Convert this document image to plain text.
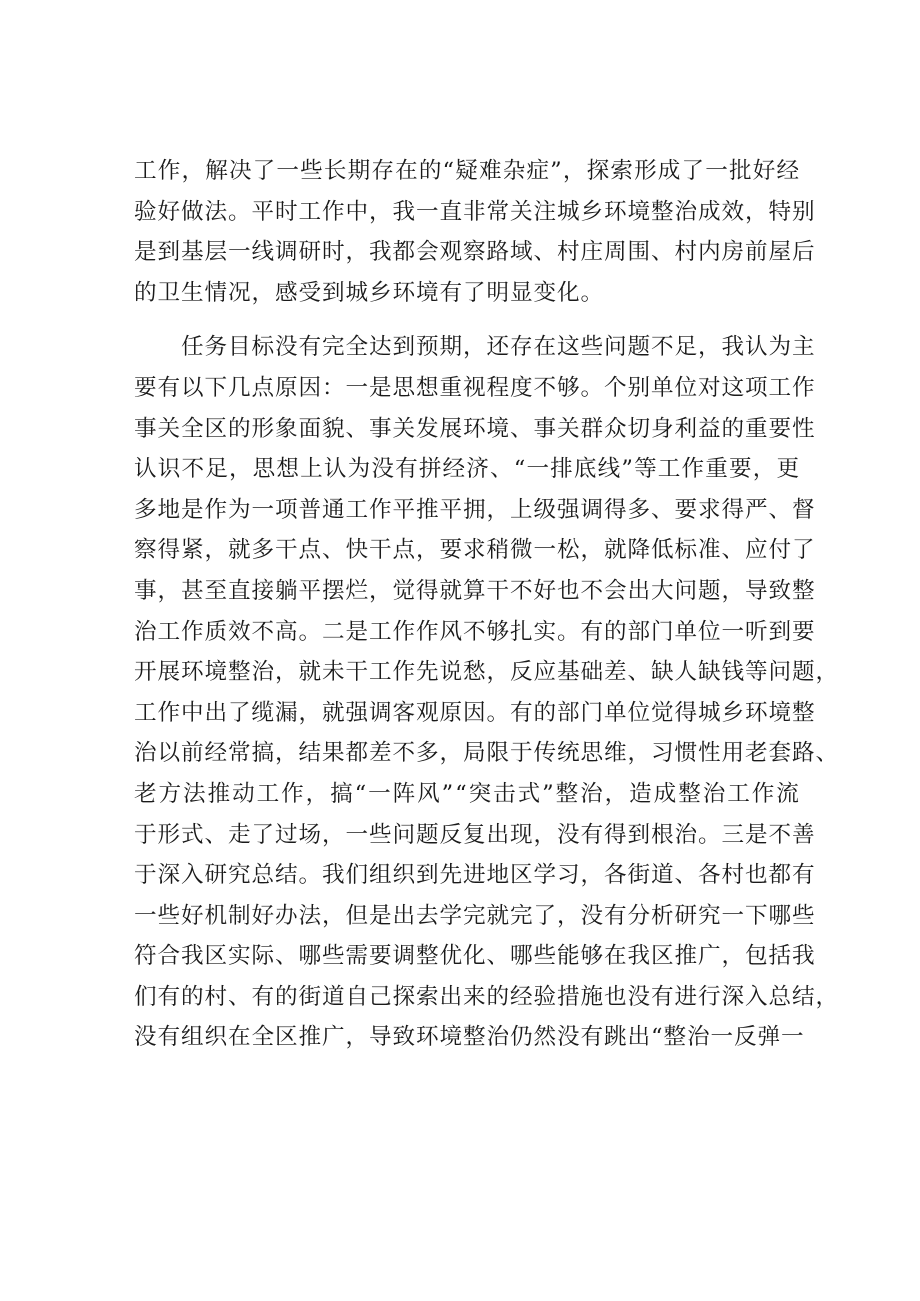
工 作 ， 解 决 了 一 些 长 期 存 在 的 “ 疑 难 杂 症 ” ， 探 索 形 成 了 一 批 好 经
验 好 做 法 。 平 时 工 作 中 ， 我 一 直 非 常 关 注 城 乡 环 境 整 治 成 效 ， 特 别
是 到 基 层 一 线 调 研 时 ， 我 都 会 观 察 路 域 、 村 庄 周 围 、 村 内 房 前 屋 后
的 卫 生 情 况 ， 感 受 到 城 乡 环 境 有 了 明 显 变 化 。
任 务 目 标 没 有 完 全 达 到 预 期 ， 还 存 在 这 些 问 题 不 足 ， 我 认 为 主
要 有 以 下 几 点 原 因 ： 一 是 思 想 重 视 程 度 不 够 。 个 别 单 位 对 这 项 工 作
事 关 全 区 的 形 象 面 貌 、 事 关 发 展 环 境 、 事 关 群 众 切 身 利 益 的 重 要 性
认 识 不 足 ， 思 想 上 认 为 没 有 拼 经 济 、 “ 一 排 底 线 ” 等 工 作 重 要 ， 更
多 地 是 作 为 一 项 普 通 工 作 平 推 平 拥 ， 上 级 强 调 得 多 、 要 求 得 严 、 督
察 得 紧 ， 就 多 干 点 、 快 干 点 ， 要 求 稍 微 一 松 ， 就 降 低 标 准 、 应 付 了
事 ， 甚 至 直 接 躺 平 摆 烂 ， 觉 得 就 算 干 不 好 也 不 会 出 大 问 题 ， 导 致 整
治 工 作 质 效 不 高 。 二 是 工 作 作 风 不 够 扎 实 。 有 的 部 门 单 位 一 听 到 要
开 展 环 境 整 治 ， 就 未 干 工 作 先 说 愁 ， 反 应 基 础 差 、 缺 人 缺 钱 等 问 题 ，
工 作 中 出 了 缆 漏 ， 就 强 调 客 观 原 因 。 有 的 部 门 单 位 觉 得 城 乡 环 境 整
治 以 前 经 常 搞 ， 结 果 都 差 不 多 ， 局 限 于 传 统 思 维 ， 习 惯 性 用 老 套 路 、
老 方 法 推 动 工 作 ， 搞 “ 一 阵 风 ” “ 突 击 式 ” 整 治 ， 造 成 整 治 工 作 流
于 形 式 、 走 了 过 场 ， 一 些 问 题 反 复 出 现 ， 没 有 得 到 根 治 。 三 是 不 善
于 深 入 研 究 总 结 。 我 们 组 织 到 先 进 地 区 学 习 ， 各 街 道 、 各 村 也 都 有
一 些 好 机 制 好 办 法 ， 但 是 出 去 学 完 就 完 了 ， 没 有 分 析 研 究 一 下 哪 些
符 合 我 区 实 际 、 哪 些 需 要 调 整 优 化 、 哪 些 能 够 在 我 区 推 广 ， 包 括 我
们 有 的 村 、 有 的 街 道 自 己 探 索 出 来 的 经 验 措 施 也 没 有 进 行 深 入 总 结 ，
没 有 组 织 在 全 区 推 广 ， 导 致 环 境 整 治 仍 然 没 有 跳 出 “ 整 治 一 反 弹 一
